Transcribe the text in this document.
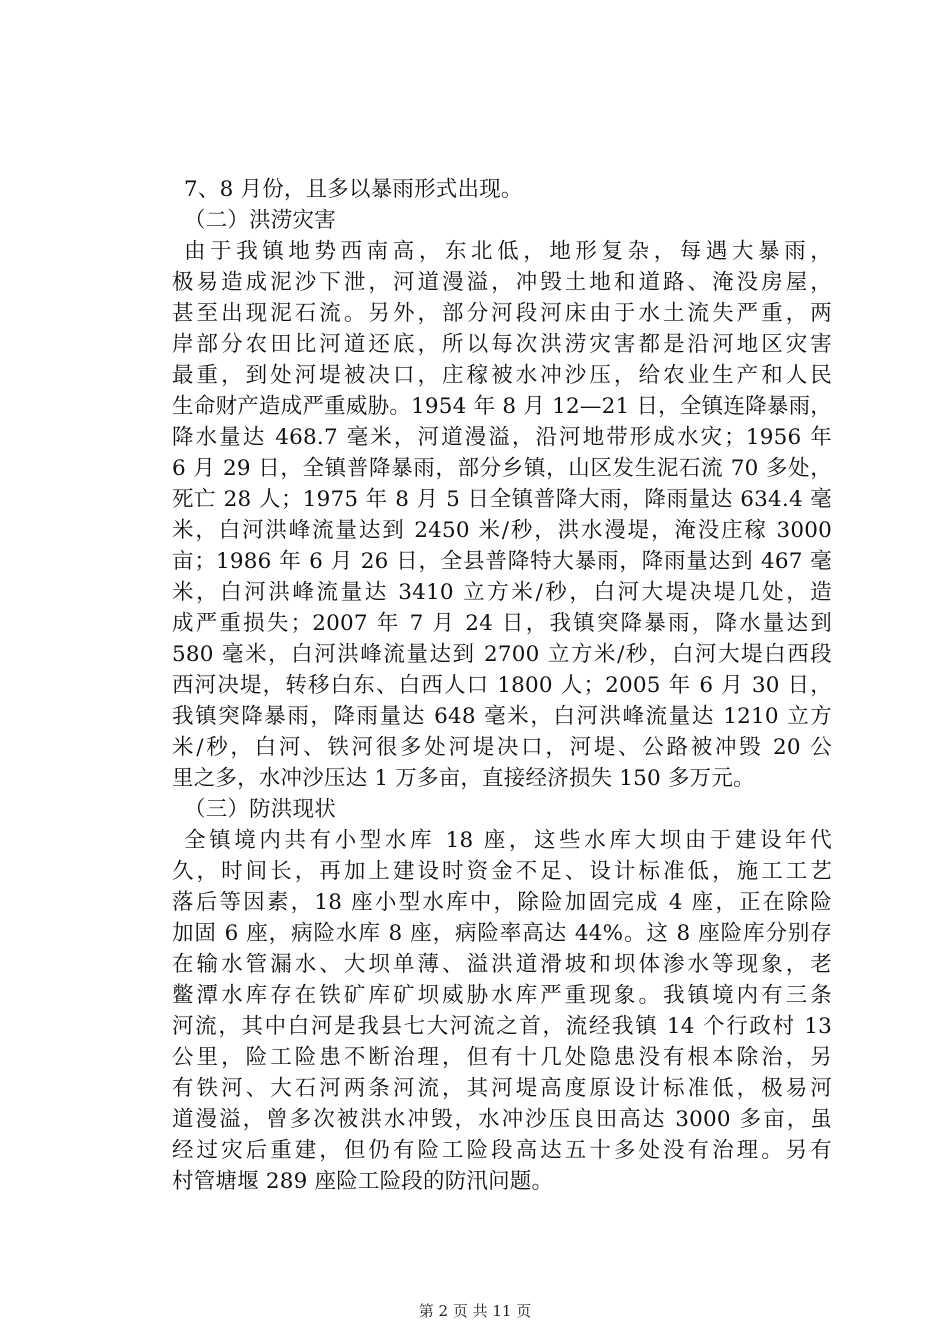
7、8 月份，且多以暴雨形式出现。
（二）洪涝灾害
由于我镇地势西南高，东北低，地形复杂，每遇大暴雨，
极易造成泥沙下泄，河道漫溢，冲毁土地和道路、淹没房屋，
甚至出现泥石流。另外，部分河段河床由于水土流失严重，两
岸部分农田比河道还底，所以每次洪涝灾害都是沿河地区灾害
最重，到处河堤被决口，庄稼被水冲沙压，给农业生产和人民
生命财产造成严重威胁。1954 年 8 月 12—21 日，全镇连降暴雨，
降水量达 468.7 毫米，河道漫溢，沿河地带形成水灾；1956 年
6 月 29 日，全镇普降暴雨，部分乡镇，山区发生泥石流 70 多处，
死亡 28 人；1975 年 8 月 5 日全镇普降大雨，降雨量达 634.4 毫
米，白河洪峰流量达到 2450 米/秒，洪水漫堤，淹没庄稼 3000
亩；1986 年 6 月 26 日，全县普降特大暴雨，降雨量达到 467 毫
米，白河洪峰流量达 3410 立方米/秒，白河大堤决堤几处，造
成严重损失；2007 年 7 月 24 日，我镇突降暴雨，降水量达到
580 毫米，白河洪峰流量达到 2700 立方米/秒，白河大堤白西段
西河决堤，转移白东、白西人口 1800 人；2005 年 6 月 30 日，
我镇突降暴雨，降雨量达 648 毫米，白河洪峰流量达 1210 立方
米/秒，白河、铁河很多处河堤决口，河堤、公路被冲毁 20 公
里之多，水冲沙压达 1 万多亩，直接经济损失 150 多万元。
（三）防洪现状
全镇境内共有小型水库 18 座，这些水库大坝由于建设年代
久，时间长，再加上建设时资金不足、设计标准低，施工工艺
落后等因素，18 座小型水库中，除险加固完成 4 座，正在除险
加固 6 座，病险水库 8 座，病险率高达 44%。这 8 座险库分别存
在输水管漏水、大坝单薄、溢洪道滑坡和坝体渗水等现象，老
鳖潭水库存在铁矿库矿坝威胁水库严重现象。我镇境内有三条
河流，其中白河是我县七大河流之首，流经我镇 14 个行政村 13
公里，险工险患不断治理，但有十几处隐患没有根本除治，另
有铁河、大石河两条河流，其河堤高度原设计标准低，极易河
道漫溢，曾多次被洪水冲毁，水冲沙压良田高达 3000 多亩，虽
经过灾后重建，但仍有险工险段高达五十多处没有治理。另有
村管塘堰 289 座险工险段的防汛问题。
第 2 页 共 11 页
